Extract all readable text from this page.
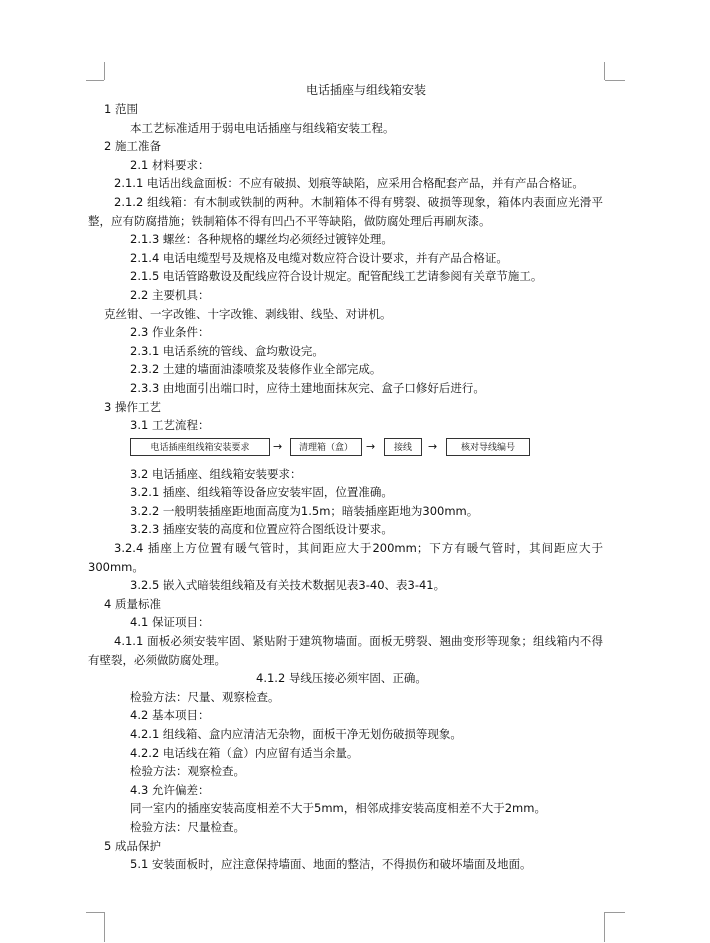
电话插座与组线箱安装
1 范围
本工艺标准适用于弱电电话插座与组线箱安装工程。
2 施工准备
2.1 材料要求：
2.1.1 电话出线盒面板：不应有破损、划痕等缺陷，应采用合格配套产品，并有产品合格证。
2.1.2 组线箱：有木制或铁制的两种。木制箱体不得有劈裂、破损等现象，箱体内表面应光滑平整，应有防腐措施；铁制箱体不得有凹凸不平等缺陷，做防腐处理后再刷灰漆。
2.1.3 螺丝：各种规格的螺丝均必须经过镀锌处理。
2.1.4 电话电缆型号及规格及电缆对数应符合设计要求，并有产品合格证。
2.1.5 电话管路敷设及配线应符合设计规定。配管配线工艺请参阅有关章节施工。
2.2 主要机具：
克丝钳、一字改锥、十字改锥、剥线钳、线坠、对讲机。
2.3 作业条件：
2.3.1 电话系统的管线、盒均敷设完。
2.3.2 土建的墙面油漆喷浆及装修作业全部完成。
2.3.3 由地面引出端口时，应待土建地面抹灰完、盒子口修好后进行。
3 操作工艺
3.1 工艺流程：
电话插座组线箱安装要求	→	清理箱（盒）	→	接线	→	核对导线编号
3.2 电话插座、组线箱安装要求：
3.2.1 插座、组线箱等设备应安装牢固，位置准确。
3.2.2 一般明装插座距地面高度为1.5m；暗装插座距地为300mm。
3.2.3 插座安装的高度和位置应符合图纸设计要求。
3.2.4 插座上方位置有暖气管时，其间距应大于200mm；下方有暖气管时，其间距应大于300mm。
3.2.5 嵌入式暗装组线箱及有关技术数据见表3-40、表3-41。
4 质量标准
4.1 保证项目：
4.1.1 面板必须安装牢固、紧贴附于建筑物墙面。面板无劈裂、翘曲变形等现象；组线箱内不得有壁裂，必须做防腐处理。
4.1.2 导线压接必须牢固、正确。
检验方法：尺量、观察检查。
4.2 基本项目：
4.2.1 组线箱、盒内应清洁无杂物，面板干净无划伤破损等现象。
4.2.2 电话线在箱（盒）内应留有适当余量。
检验方法：观察检查。
4.3 允许偏差：
同一室内的插座安装高度相差不大于5mm，相邻成排安装高度相差不大于2mm。
检验方法：尺量检查。
5 成品保护
5.1 安装面板时，应注意保持墙面、地面的整洁，不得损伤和破坏墙面及地面。
